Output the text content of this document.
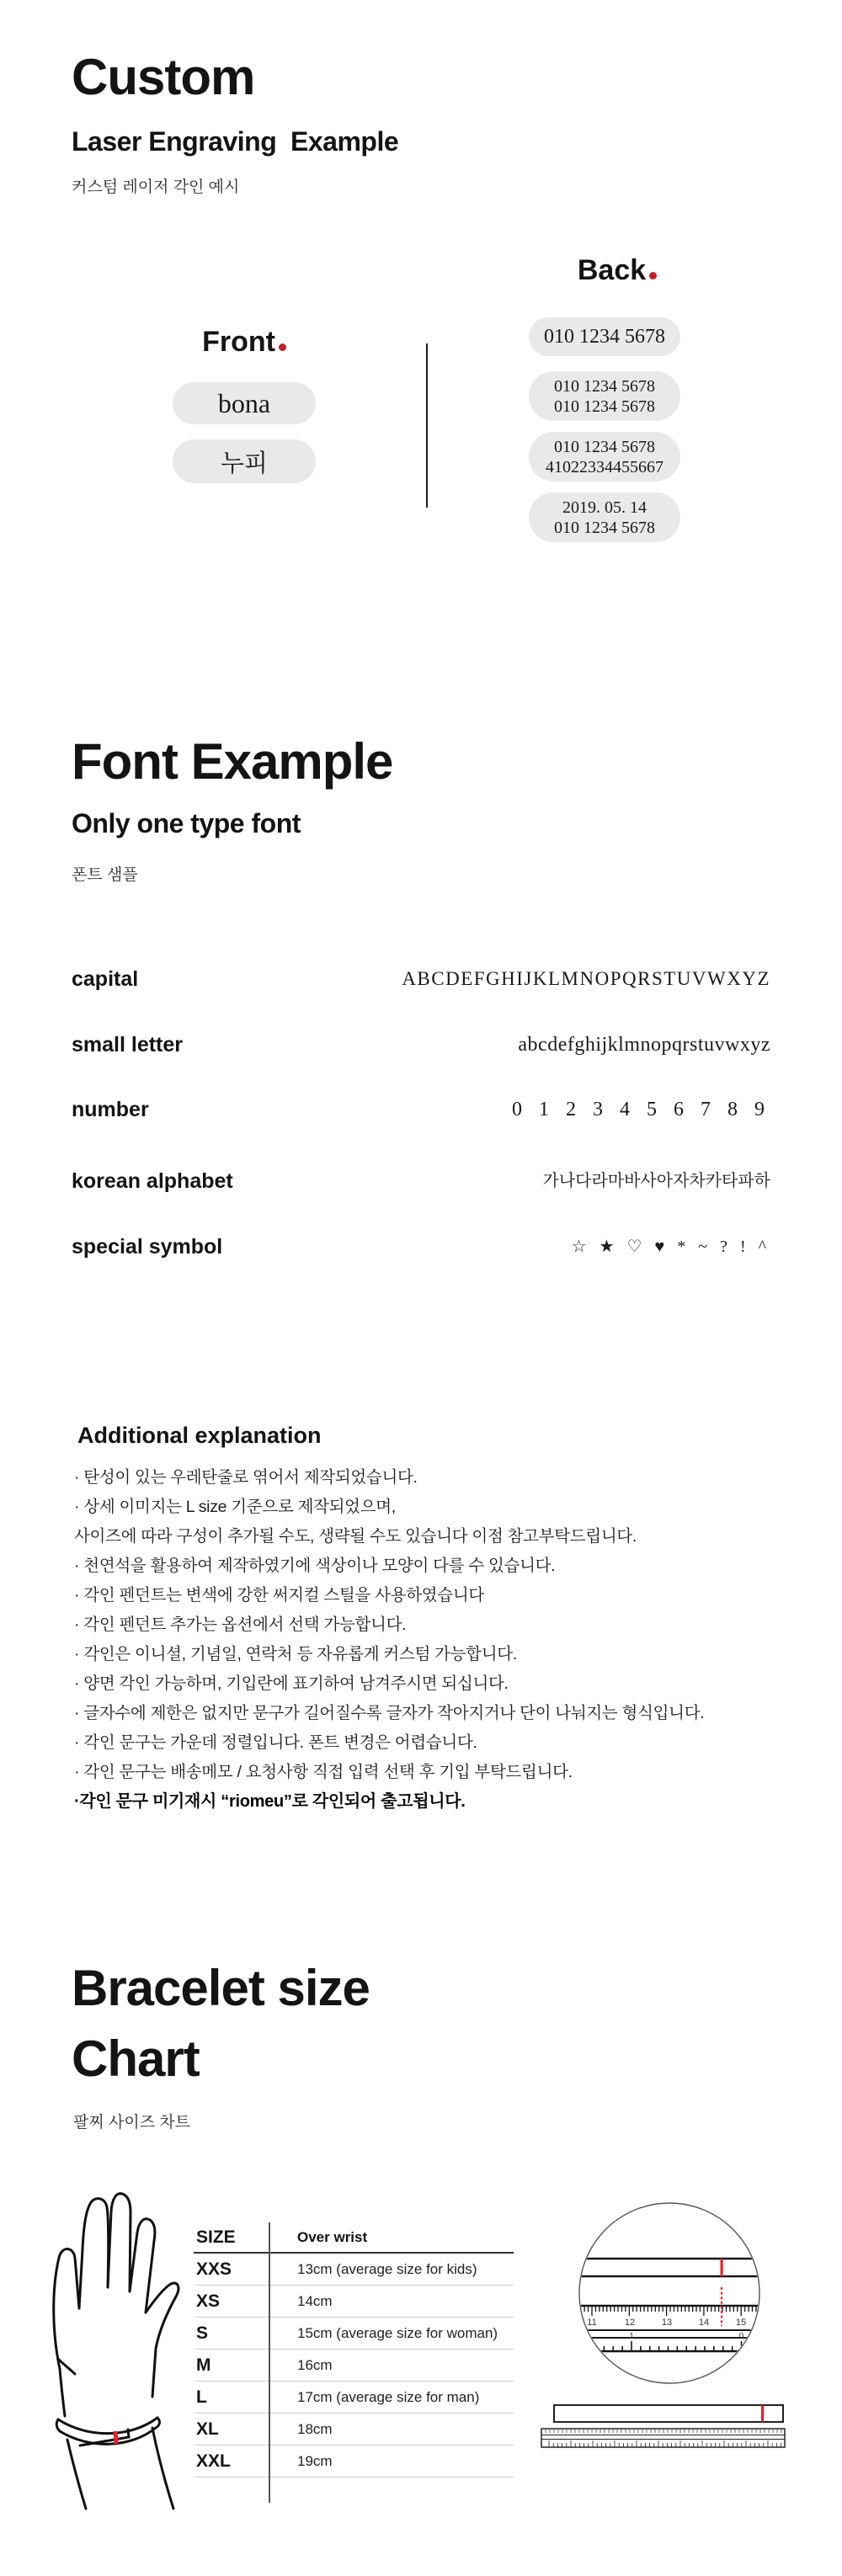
Custom
Laser Engraving  Example
커스텀 레이저 각인 예시
Back
Front
bona
누피
010 1234 5678
010 1234 5678
010 1234 5678
010 1234 5678
41022334455667
2019. 05. 14
010 1234 5678
Font Example
Only one type font
폰트 샘플
capital	ABCDEFGHIJKLMNOPQRSTUVWXYZ
small letter	abcdefghijklmnopqrstuvwxyz
number	0 1 2 3 4 5 6 7 8 9
korean alphabet	가나다라마바사아자차카타파하
special symbol	☆ ★ ♡ ♥ * ~ ? ! ^
Additional explanation
· 탄성이 있는 우레탄줄로 엮어서 제작되었습니다.
· 상세 이미지는 L size 기준으로 제작되었으며,
사이즈에 따라 구성이 추가될 수도, 생략될 수도 있습니다 이점 참고부탁드립니다.
· 천연석을 활용하여 제작하였기에 색상이나 모양이 다를 수 있습니다.
· 각인 펜던트는 변색에 강한 써지컬 스틸을 사용하였습니다
· 각인 펜던트 추가는 옵션에서 선택 가능합니다.
· 각인은 이니셜, 기념일, 연락처 등 자유롭게 커스텀 가능합니다.
· 양면 각인 가능하며, 기입란에 표기하여 남겨주시면 되십니다.
· 글자수에 제한은 없지만 문구가 길어질수록 글자가 작아지거나 단이 나눠지는 형식입니다.
· 각인 문구는 가운데 정렬입니다. 폰트 변경은 어렵습니다.
· 각인 문구는 배송메모 / 요청사항 직접 입력 선택 후 기입 부탁드립니다.
·각인 문구 미기재시 “riomeu”로 각인되어 출고됩니다.
Bracelet size
Chart
팔찌 사이즈 차트
SIZE	Over wrist
XXS	13cm (average size for kids)
XS	14cm
S	15cm (average size for woman)
M	16cm
L	17cm (average size for man)
XL	18cm
XXL	19cm
11	12	13	14	15
1	0
